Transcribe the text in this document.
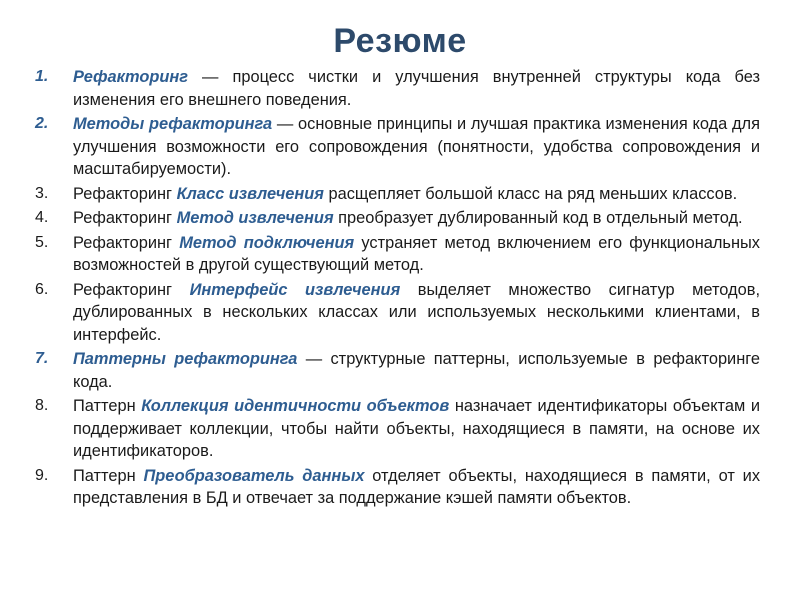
Резюме
1. Рефакторинг — процесс чистки и улучшения внутренней структуры кода без изменения его внешнего поведения.
2. Методы рефакторинга — основные принципы и лучшая практика изменения кода для улучшения возможности его сопровождения (понятности, удобства сопровождения и масштабируемости).
3. Рефакторинг Класс извлечения расщепляет большой класс на ряд меньших классов.
4. Рефакторинг Метод извлечения преобразует дублированный код в отдельный метод.
5. Рефакторинг Метод подключения устраняет метод включением его функциональных возможностей в другой существующий метод.
6. Рефакторинг Интерфейс извлечения выделяет множество сигнатур методов, дублированных в нескольких классах или используемых несколькими клиентами, в интерфейс.
7. Паттерны рефакторинга — структурные паттерны, используемые в рефакторинге кода.
8. Паттерн Коллекция идентичности объектов назначает идентификаторы объектам и поддерживает коллекции, чтобы найти объекты, находящиеся в памяти, на основе их идентификаторов.
9. Паттерн Преобразователь данных отделяет объекты, находящиеся в памяти, от их представления в БД и отвечает за поддержание кэшей памяти объектов.
